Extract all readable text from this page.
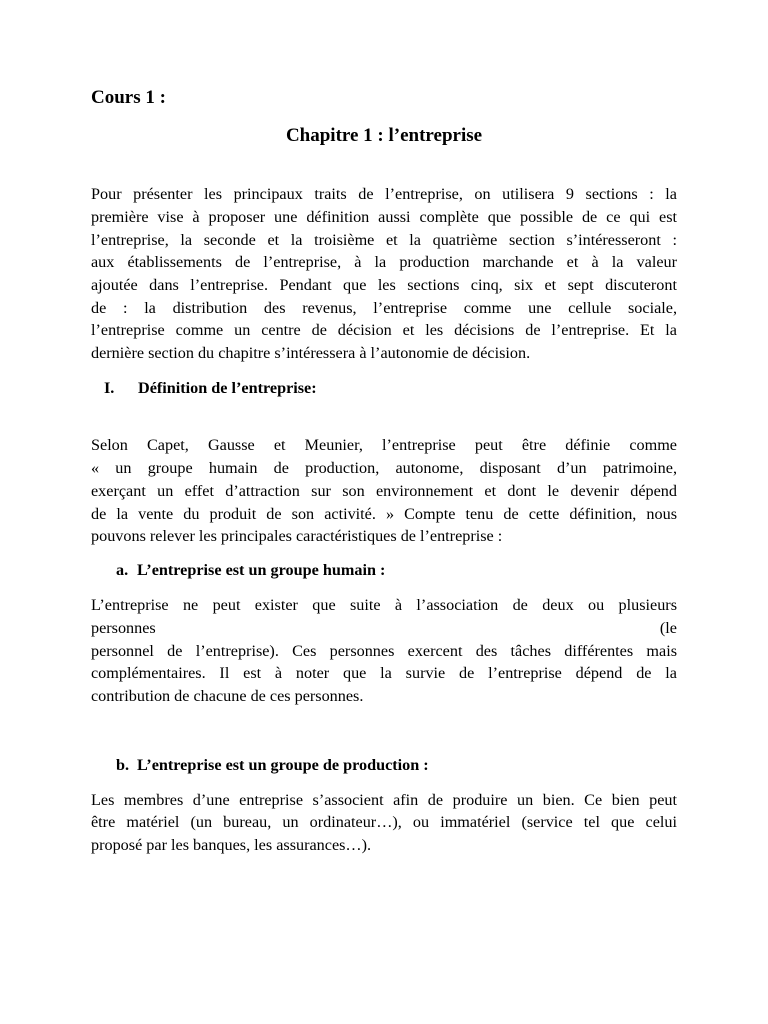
Cours 1 :
Chapitre 1 : l’entreprise
Pour présenter les principaux traits de l’entreprise, on utilisera 9 sections : la
première vise à proposer une définition aussi complète que possible de ce qui est
l’entreprise, la seconde et la troisième et la quatrième section s’intéresseront :
aux établissements de l’entreprise, à la production marchande et à la valeur
ajoutée dans l’entreprise. Pendant que les sections cinq, six et sept discuteront
de : la distribution des revenus, l’entreprise comme une cellule sociale,
l’entreprise comme un centre de décision et les décisions de l’entreprise. Et la
dernière section du chapitre s’intéressera à l’autonomie de décision.
I. Définition de l’entreprise:
Selon Capet, Gausse et Meunier, l’entreprise peut être définie comme
« un groupe humain de production, autonome, disposant d’un patrimoine,
exerçant un effet d’attraction sur son environnement et dont le devenir dépend
de la vente du produit de son activité. » Compte tenu de cette définition, nous
pouvons relever les principales caractéristiques de l’entreprise :
a. L’entreprise est un groupe humain :
L’entreprise ne peut exister que suite à l’association de deux ou plusieurs
personnes (le
personnel de l’entreprise). Ces personnes exercent des tâches différentes mais
complémentaires. Il est à noter que la survie de l’entreprise dépend de la
contribution de chacune de ces personnes.
b. L’entreprise est un groupe de production :
Les membres d’une entreprise s’associent afin de produire un bien. Ce bien peut
être matériel (un bureau, un ordinateur…), ou immatériel (service tel que celui
proposé par les banques, les assurances…).
